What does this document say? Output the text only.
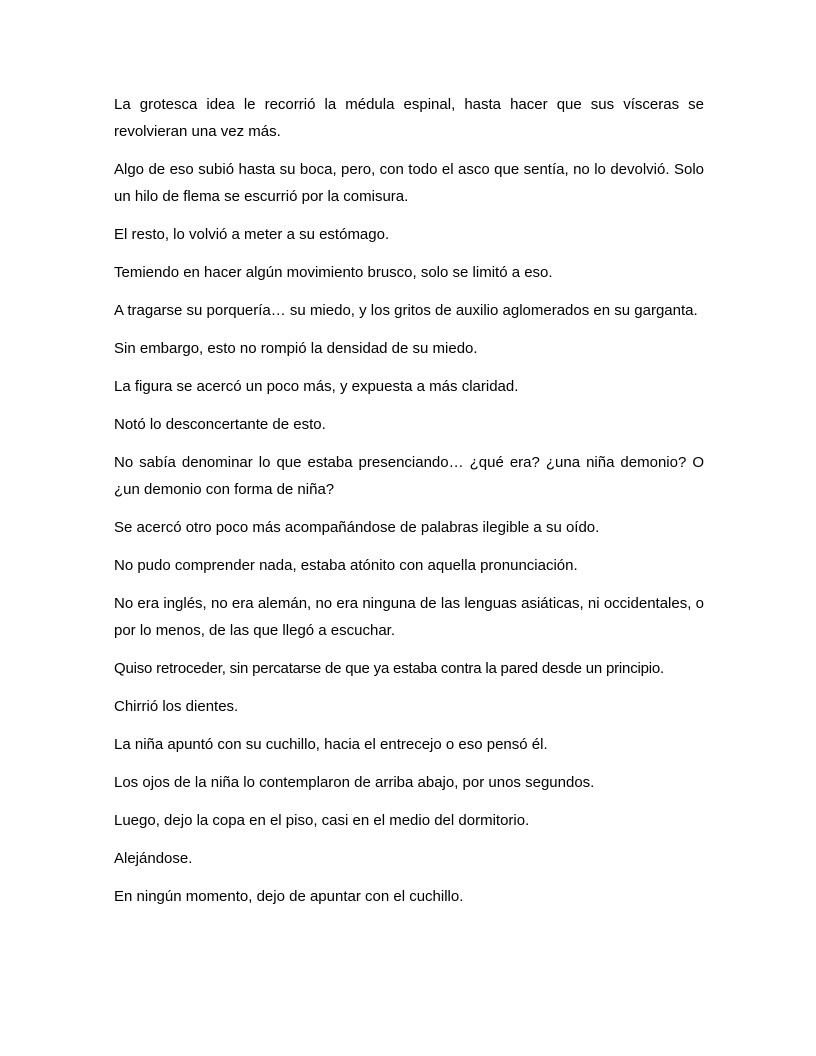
La grotesca idea le recorrió la médula espinal, hasta hacer que sus vísceras se revolvieran una vez más.

Algo de eso subió hasta su boca, pero, con todo el asco que sentía, no lo devolvió. Solo un hilo de flema se escurrió por la comisura.

El resto, lo volvió a meter a su estómago.

Temiendo en hacer algún movimiento brusco, solo se limitó a eso.

A tragarse su porquería… su miedo, y los gritos de auxilio aglomerados en su garganta.

Sin embargo, esto no rompió la densidad de su miedo.

La figura se acercó un poco más, y expuesta a más claridad.

Notó lo desconcertante de esto.

No sabía denominar lo que estaba presenciando… ¿qué era? ¿una niña demonio? O ¿un demonio con forma de niña?

Se acercó otro poco más acompañándose de palabras ilegible a su oído.

No pudo comprender nada, estaba atónito con aquella pronunciación.

No era inglés, no era alemán, no era ninguna de las lenguas asiáticas, ni occidentales, o por lo menos, de las que llegó a escuchar.

Quiso retroceder, sin percatarse de que ya estaba contra la pared desde un principio.

Chirrió los dientes.

La niña apuntó con su cuchillo, hacia el entrecejo o eso pensó él.

Los ojos de la niña lo contemplaron de arriba abajo, por unos segundos.

Luego, dejo la copa en el piso, casi en el medio del dormitorio.

Alejándose.

En ningún momento, dejo de apuntar con el cuchillo.
